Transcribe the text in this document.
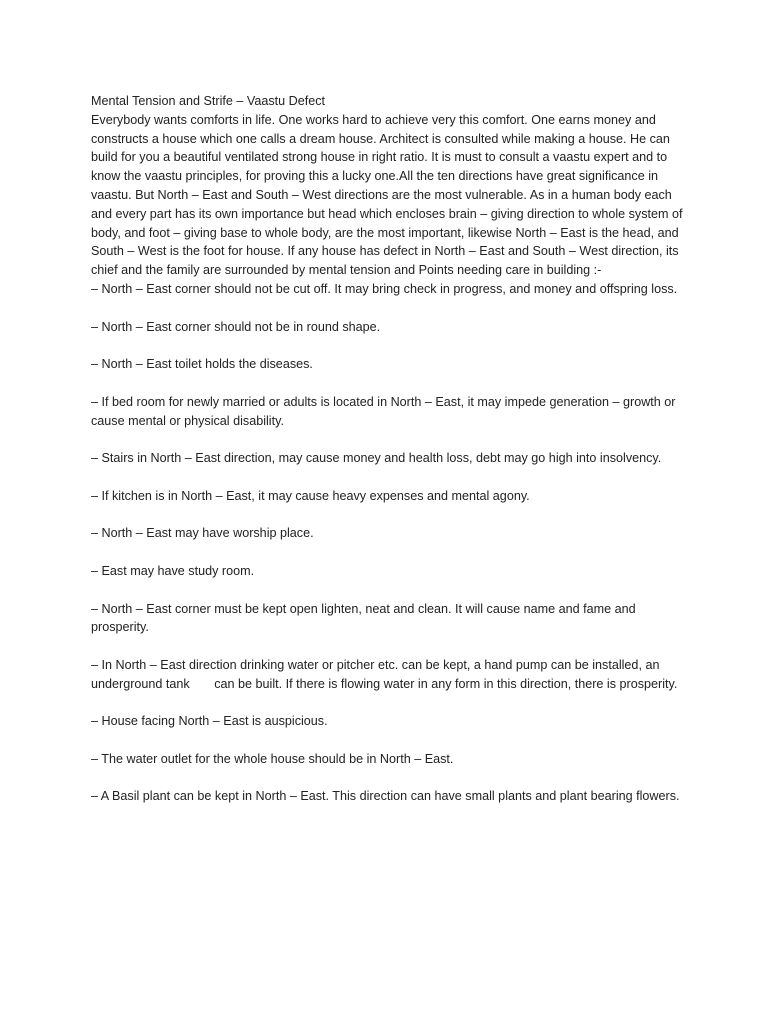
Mental Tension and Strife – Vaastu Defect

Everybody wants comforts in life. One works hard to achieve very this comfort. One earns money and constructs a house which one calls a dream house. Architect is consulted while making a house. He can build for you a beautiful ventilated strong house in right ratio. It is must to consult a vaastu expert and to know the vaastu principles, for proving this a lucky one.All the ten directions have great significance in vaastu. But North – East and South – West directions are the most vulnerable. As in a human body each and every part has its own importance but head which encloses brain – giving direction to whole system of body, and foot – giving base to whole body, are the most important, likewise North – East is the head, and South – West is the foot for house. If any house has defect in North – East and South – West direction, its chief and the family are surrounded by mental tension and Points needing care in building :-

– North – East corner should not be cut off. It may bring check in progress, and money and offspring loss.

– North – East corner should not be in round shape.

– North – East toilet holds the diseases.

– If bed room for newly married or adults is located in North – East, it may impede generation – growth or cause mental or physical disability.

– Stairs in North – East direction, may cause money and health loss, debt may go high into insolvency.

– If kitchen is in North – East, it may cause heavy expenses and mental agony.

– North – East may have worship place.

– East may have study room.

– North – East corner must be kept open lighten, neat and clean. It will cause name and fame and prosperity.

– In North – East direction drinking water or pitcher etc. can be kept, a hand pump can be installed, an underground tank       can be built. If there is flowing water in any form in this direction, there is prosperity.

– House facing North – East is auspicious.

– The water outlet for the whole house should be in North – East.

– A Basil plant can be kept in North – East. This direction can have small plants and plant bearing flowers.
